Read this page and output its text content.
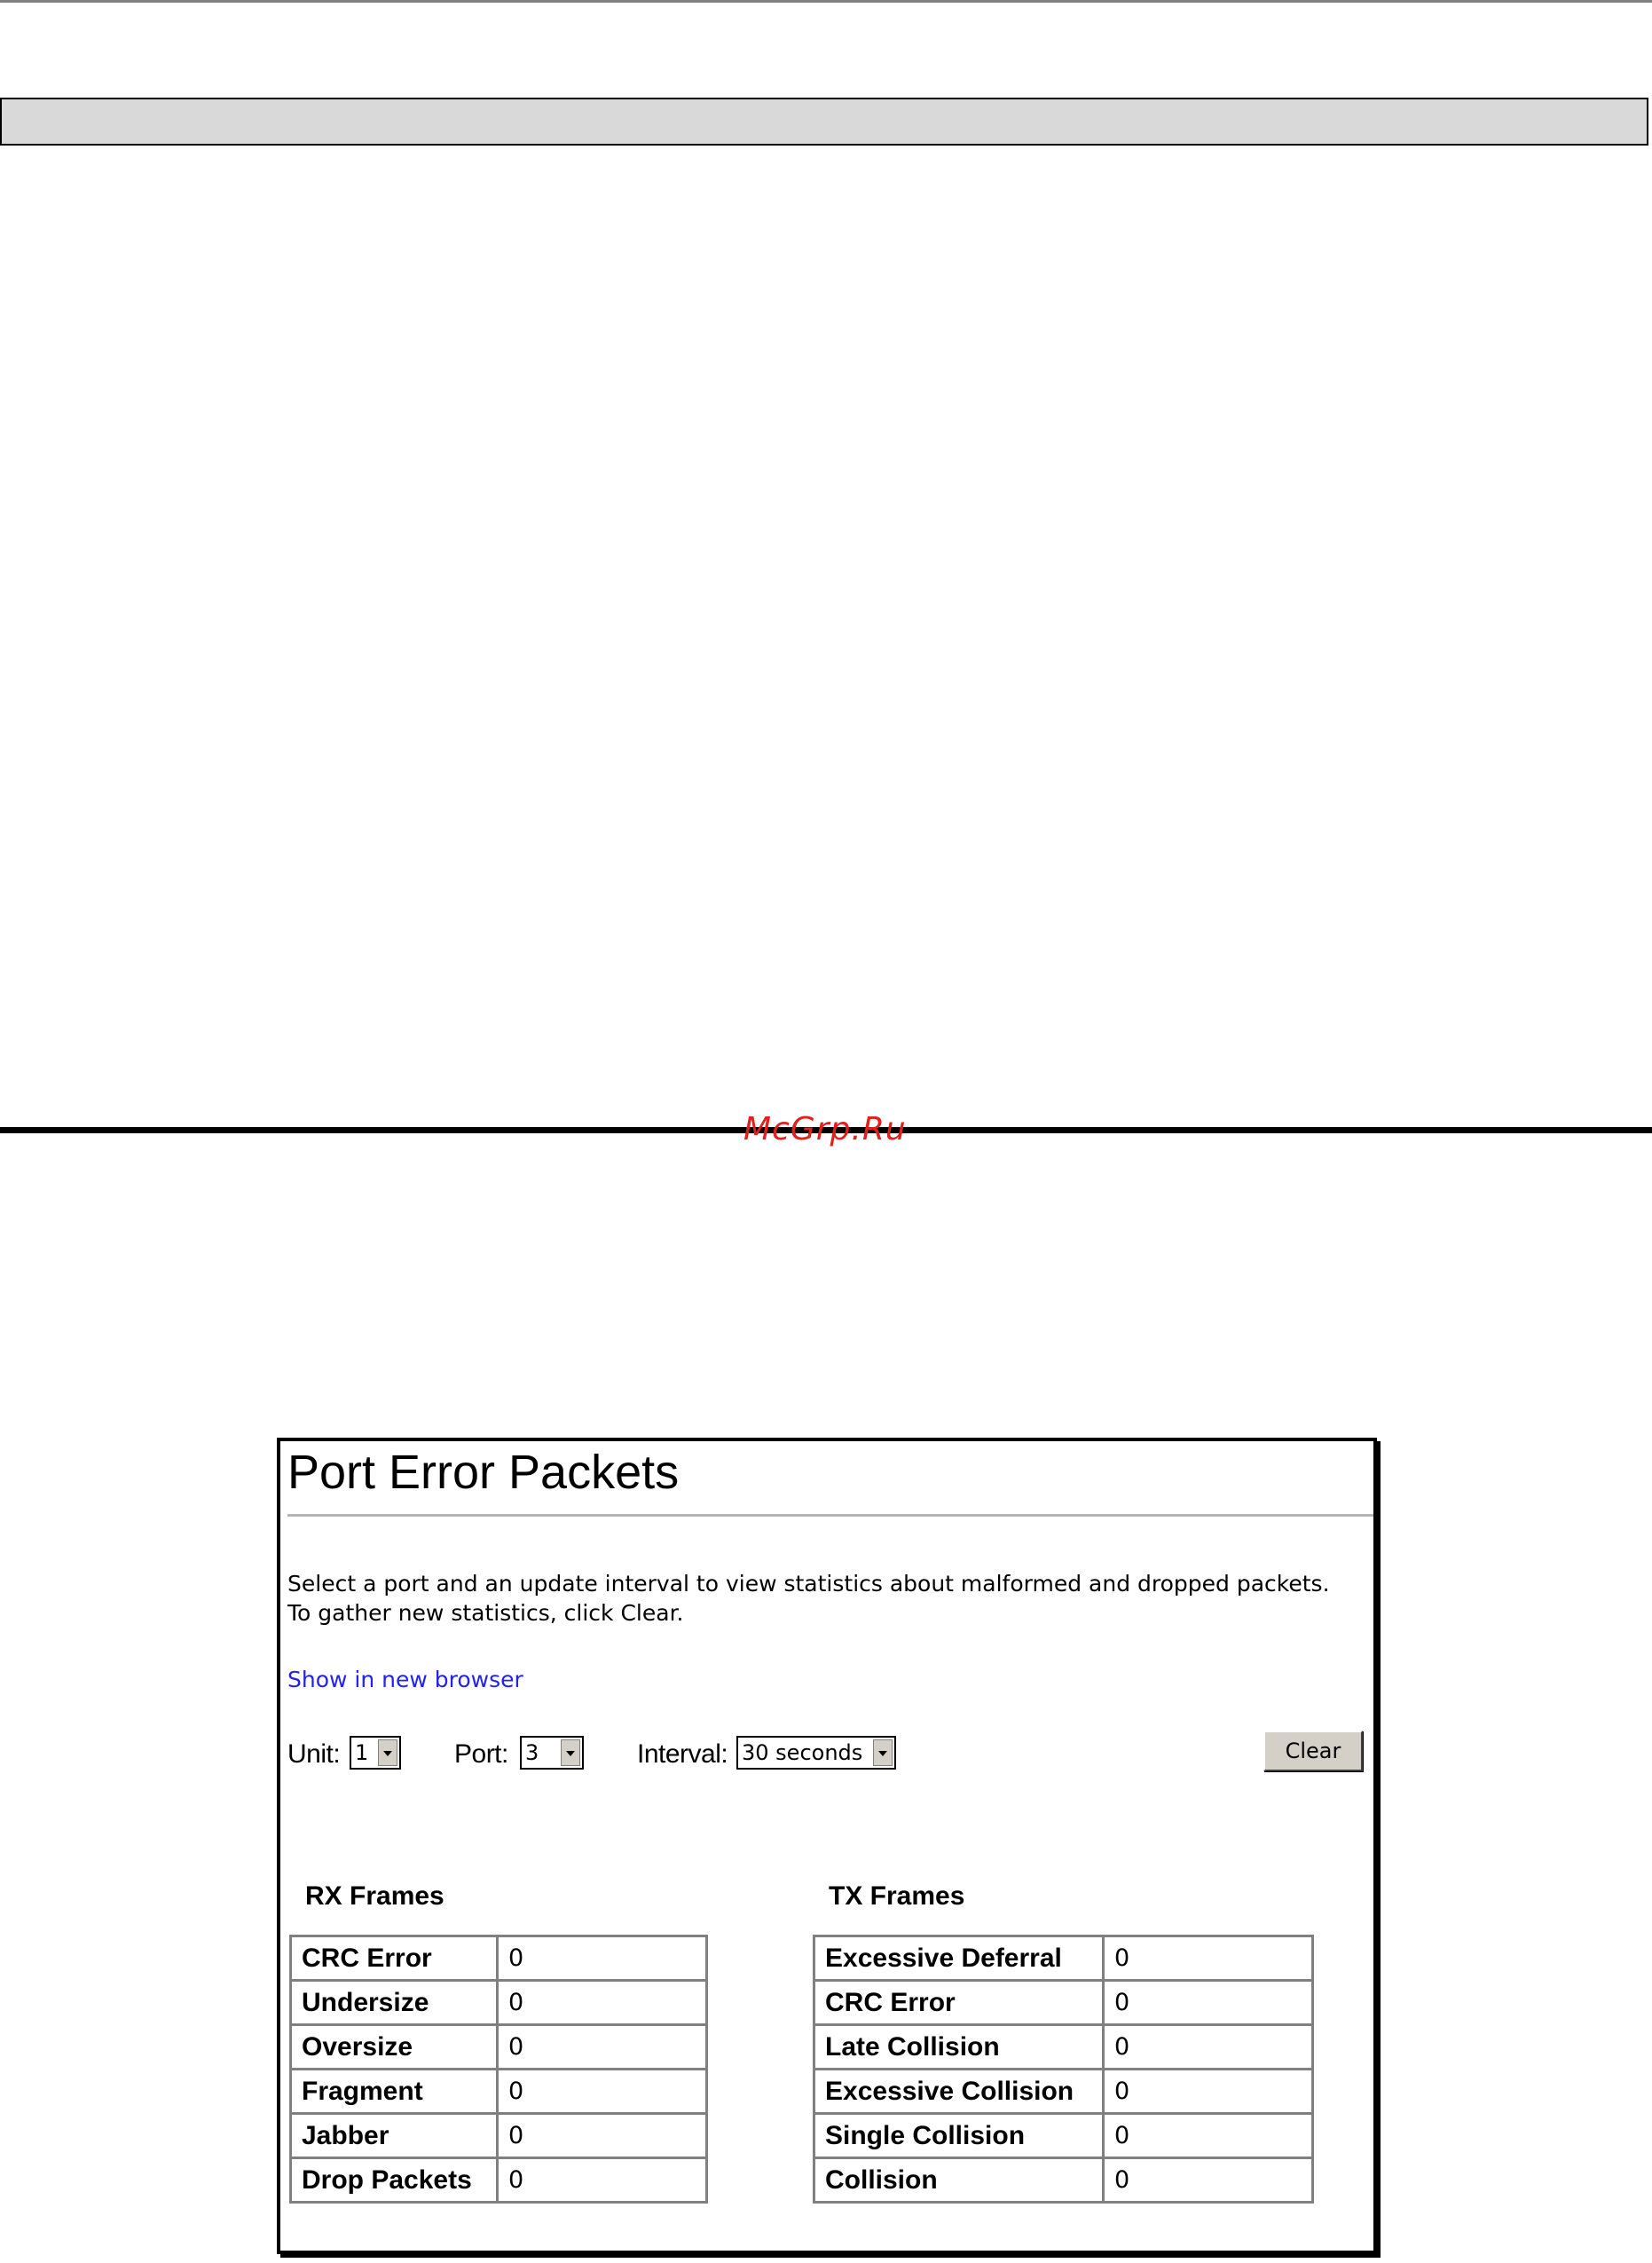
McGrp.Ru
Port Error Packets
Select a port and an update interval to view statistics about malformed and dropped packets.
To gather new statistics, click Clear.
Show in new browser
Unit: 1	Port: 3	Interval: 30 seconds	Clear
RX Frames
CRC Error	0
Undersize	0
Oversize	0
Fragment	0
Jabber	0
Drop Packets	0
TX Frames
Excessive Deferral	0
CRC Error	0
Late Collision	0
Excessive Collision	0
Single Collision	0
Collision	0
